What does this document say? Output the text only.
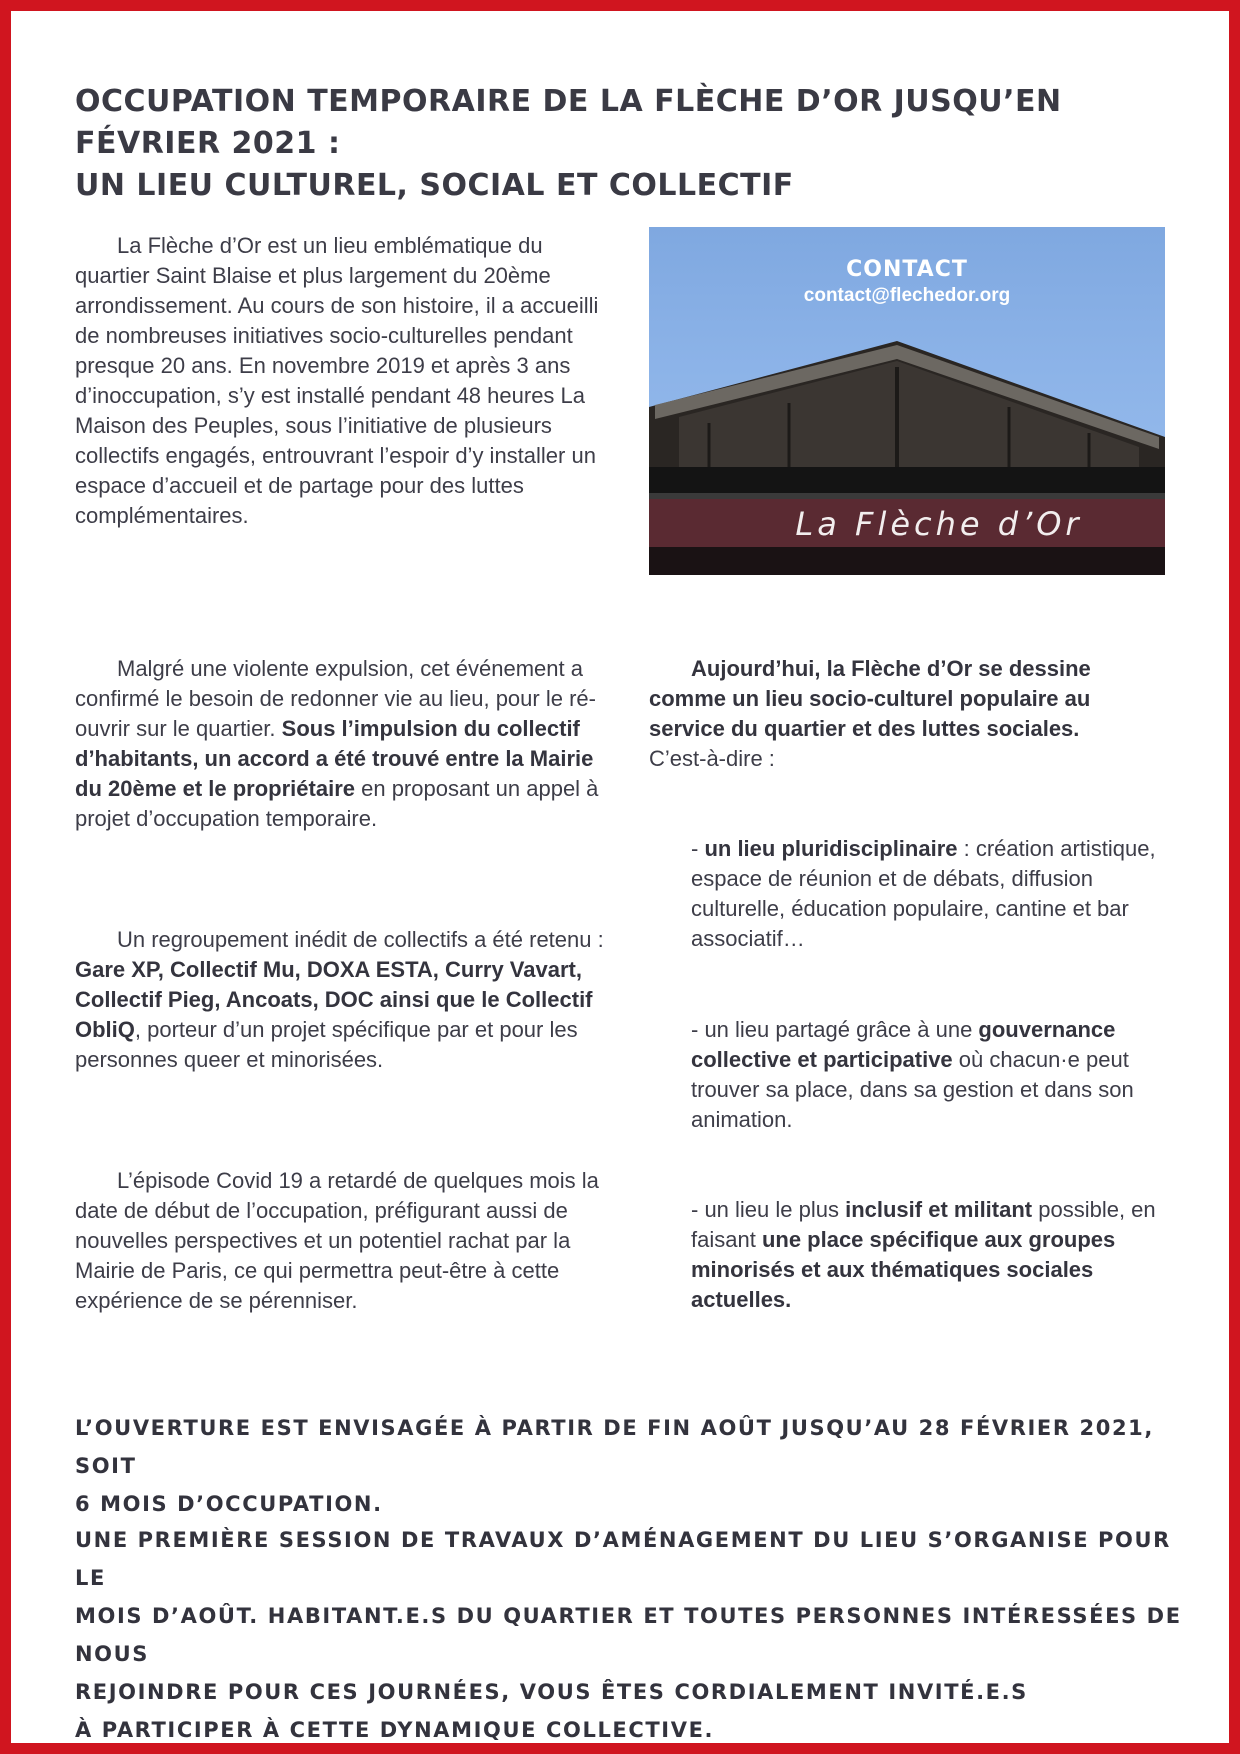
OCCUPATION TEMPORAIRE DE LA FLÈCHE D’OR JUSQU’EN FÉVRIER 2021 :
UN LIEU CULTUREL, SOCIAL ET COLLECTIF

La Flèche d’Or est un lieu emblématique du quartier Saint Blaise et plus largement du 20ème arrondissement. Au cours de son histoire, il a accueilli de nombreuses initiatives socio-culturelles pendant presque 20 ans. En novembre 2019 et après 3 ans d’inoccupation, s’y est installé pendant 48 heures La Maison des Peuples, sous l’initiative de plusieurs collectifs engagés, entrouvrant l’espoir d’y installer un espace d’accueil et de partage pour des luttes complémentaires.

CONTACT
contact@flechedor.org
La Flèche d’Or

Malgré une violente expulsion, cet événement a confirmé le besoin de redonner vie au lieu, pour le ré-ouvrir sur le quartier. Sous l’impulsion du collectif d’habitants, un accord a été trouvé entre la Mairie du 20ème et le propriétaire en proposant un appel à projet d’occupation temporaire.

Un regroupement inédit de collectifs a été retenu : Gare XP, Collectif Mu, DOXA ESTA, Curry Vavart, Collectif Pieg, Ancoats, DOC ainsi que le Collectif ObliQ, porteur d’un projet spécifique par et pour les personnes queer et minorisées.

L’épisode Covid 19 a retardé de quelques mois la date de début de l’occupation, préfigurant aussi de nouvelles perspectives et un potentiel rachat par la Mairie de Paris, ce qui permettra peut-être à cette expérience de se pérenniser.

Aujourd’hui, la Flèche d’Or se dessine comme un lieu socio-culturel populaire au service du quartier et des luttes sociales.
C’est-à-dire :

- un lieu pluridisciplinaire : création artistique, espace de réunion et de débats, diffusion culturelle, éducation populaire, cantine et bar associatif…

- un lieu partagé grâce à une gouvernance collective et participative où chacun·e peut trouver sa place, dans sa gestion et dans son animation.

- un lieu le plus inclusif et militant possible, en faisant une place spécifique aux groupes minorisés et aux thématiques sociales actuelles.

L’OUVERTURE EST ENVISAGÉE À PARTIR DE FIN AOÛT JUSQU’AU 28 FÉVRIER 2021, SOIT
6 MOIS D’OCCUPATION.

UNE PREMIÈRE SESSION DE TRAVAUX D’AMÉNAGEMENT DU LIEU S’ORGANISE POUR LE
MOIS D’AOÛT. HABITANT.E.S DU QUARTIER ET TOUTES PERSONNES INTÉRESSÉES DE NOUS
REJOINDRE POUR CES JOURNÉES, VOUS ÊTES CORDIALEMENT INVITÉ.E.S
À PARTICIPER À CETTE DYNAMIQUE COLLECTIVE.
